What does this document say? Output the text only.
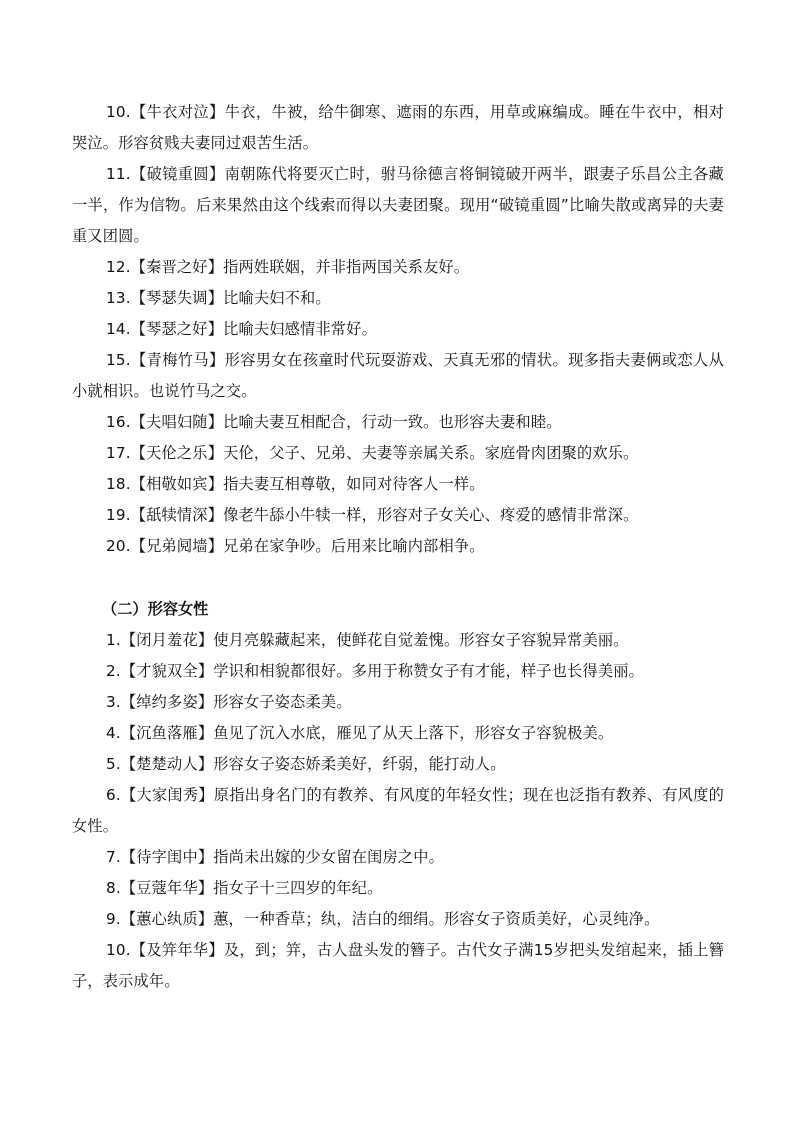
10.【牛衣对泣】牛衣，牛被，给牛御寒、遮雨的东西，用草或麻编成。睡在牛衣中，相对哭泣。形容贫贱夫妻同过艰苦生活。

11.【破镜重圆】南朝陈代将要灭亡时，驸马徐德言将铜镜破开两半，跟妻子乐昌公主各藏一半，作为信物。后来果然由这个线索而得以夫妻团聚。现用“破镜重圆”比喻失散或离异的夫妻重又团圆。

12.【秦晋之好】指两姓联姻，并非指两国关系友好。

13.【琴瑟失调】比喻夫妇不和。

14.【琴瑟之好】比喻夫妇感情非常好。

15.【青梅竹马】形容男女在孩童时代玩耍游戏、天真无邪的情状。现多指夫妻俩或恋人从小就相识。也说竹马之交。

16.【夫唱妇随】比喻夫妻互相配合，行动一致。也形容夫妻和睦。

17.【天伦之乐】天伦，父子、兄弟、夫妻等亲属关系。家庭骨肉团聚的欢乐。

18.【相敬如宾】指夫妻互相尊敬，如同对待客人一样。

19.【舐犊情深】像老牛舔小牛犊一样，形容对子女关心、疼爱的感情非常深。

20.【兄弟阋墙】兄弟在家争吵。后用来比喻内部相争。

（二）形容女性

1.【闭月羞花】使月亮躲藏起来，使鲜花自觉羞愧。形容女子容貌异常美丽。

2.【才貌双全】学识和相貌都很好。多用于称赞女子有才能，样子也长得美丽。

3.【绰约多姿】形容女子姿态柔美。

4.【沉鱼落雁】鱼见了沉入水底，雁见了从天上落下，形容女子容貌极美。

5.【楚楚动人】形容女子姿态娇柔美好，纤弱，能打动人。

6.【大家闺秀】原指出身名门的有教养、有风度的年轻女性；现在也泛指有教养、有风度的女性。

7.【待字闺中】指尚未出嫁的少女留在闺房之中。

8.【豆蔻年华】指女子十三四岁的年纪。

9.【蕙心纨质】蕙，一种香草；纨，洁白的细绢。形容女子资质美好，心灵纯净。

10.【及笄年华】及，到；笄，古人盘头发的簪子。古代女子满15岁把头发绾起来，插上簪子，表示成年。
